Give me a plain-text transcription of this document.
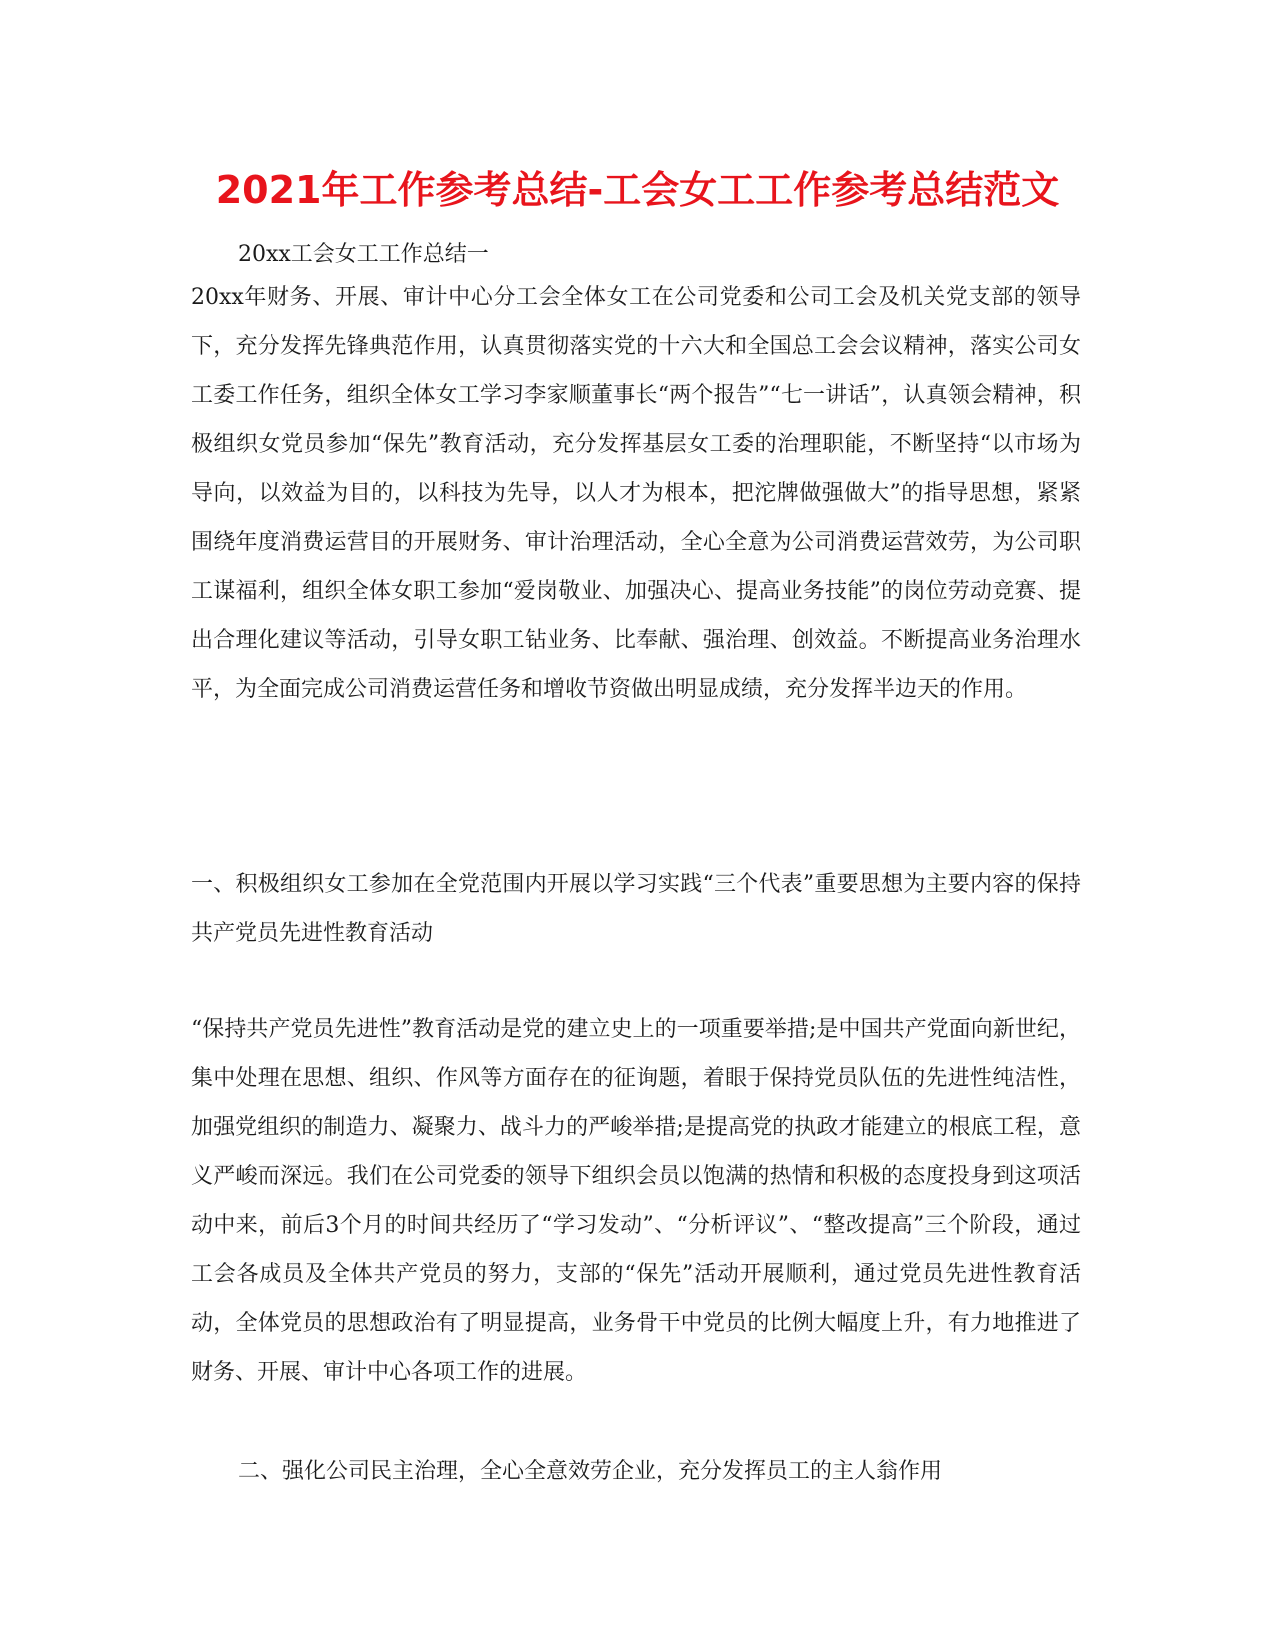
2021年工作参考总结-工会女工工作参考总结范文

20xx工会女工工作总结一

20xx年财务、开展、审计中心分工会全体女工在公司党委和公司工会及机关党支部的领导下，充分发挥先锋典范作用，认真贯彻落实党的十六大和全国总工会会议精神，落实公司女工委工作任务，组织全体女工学习李家顺董事长“两个报告”“七一讲话”，认真领会精神，积极组织女党员参加“保先”教育活动，充分发挥基层女工委的治理职能，不断坚持“以市场为导向，以效益为目的，以科技为先导，以人才为根本，把沱牌做强做大”的指导思想，紧紧围绕年度消费运营目的开展财务、审计治理活动，全心全意为公司消费运营效劳，为公司职工谋福利，组织全体女职工参加“爱岗敬业、加强决心、提高业务技能”的岗位劳动竞赛、提出合理化建议等活动，引导女职工钻业务、比奉献、强治理、创效益。不断提高业务治理水平，为全面完成公司消费运营任务和增收节资做出明显成绩，充分发挥半边天的作用。

一、积极组织女工参加在全党范围内开展以学习实践“三个代表”重要思想为主要内容的保持共产党员先进性教育活动

“保持共产党员先进性”教育活动是党的建立史上的一项重要举措;是中国共产党面向新世纪，集中处理在思想、组织、作风等方面存在的征询题，着眼于保持党员队伍的先进性纯洁性，加强党组织的制造力、凝聚力、战斗力的严峻举措;是提高党的执政才能建立的根底工程，意义严峻而深远。我们在公司党委的领导下组织会员以饱满的热情和积极的态度投身到这项活动中来，前后3个月的时间共经历了“学习发动”、“分析评议”、“整改提高”三个阶段，通过工会各成员及全体共产党员的努力，支部的“保先”活动开展顺利，通过党员先进性教育活动，全体党员的思想政治有了明显提高，业务骨干中党员的比例大幅度上升，有力地推进了财务、开展、审计中心各项工作的进展。

二、强化公司民主治理，全心全意效劳企业，充分发挥员工的主人翁作用
